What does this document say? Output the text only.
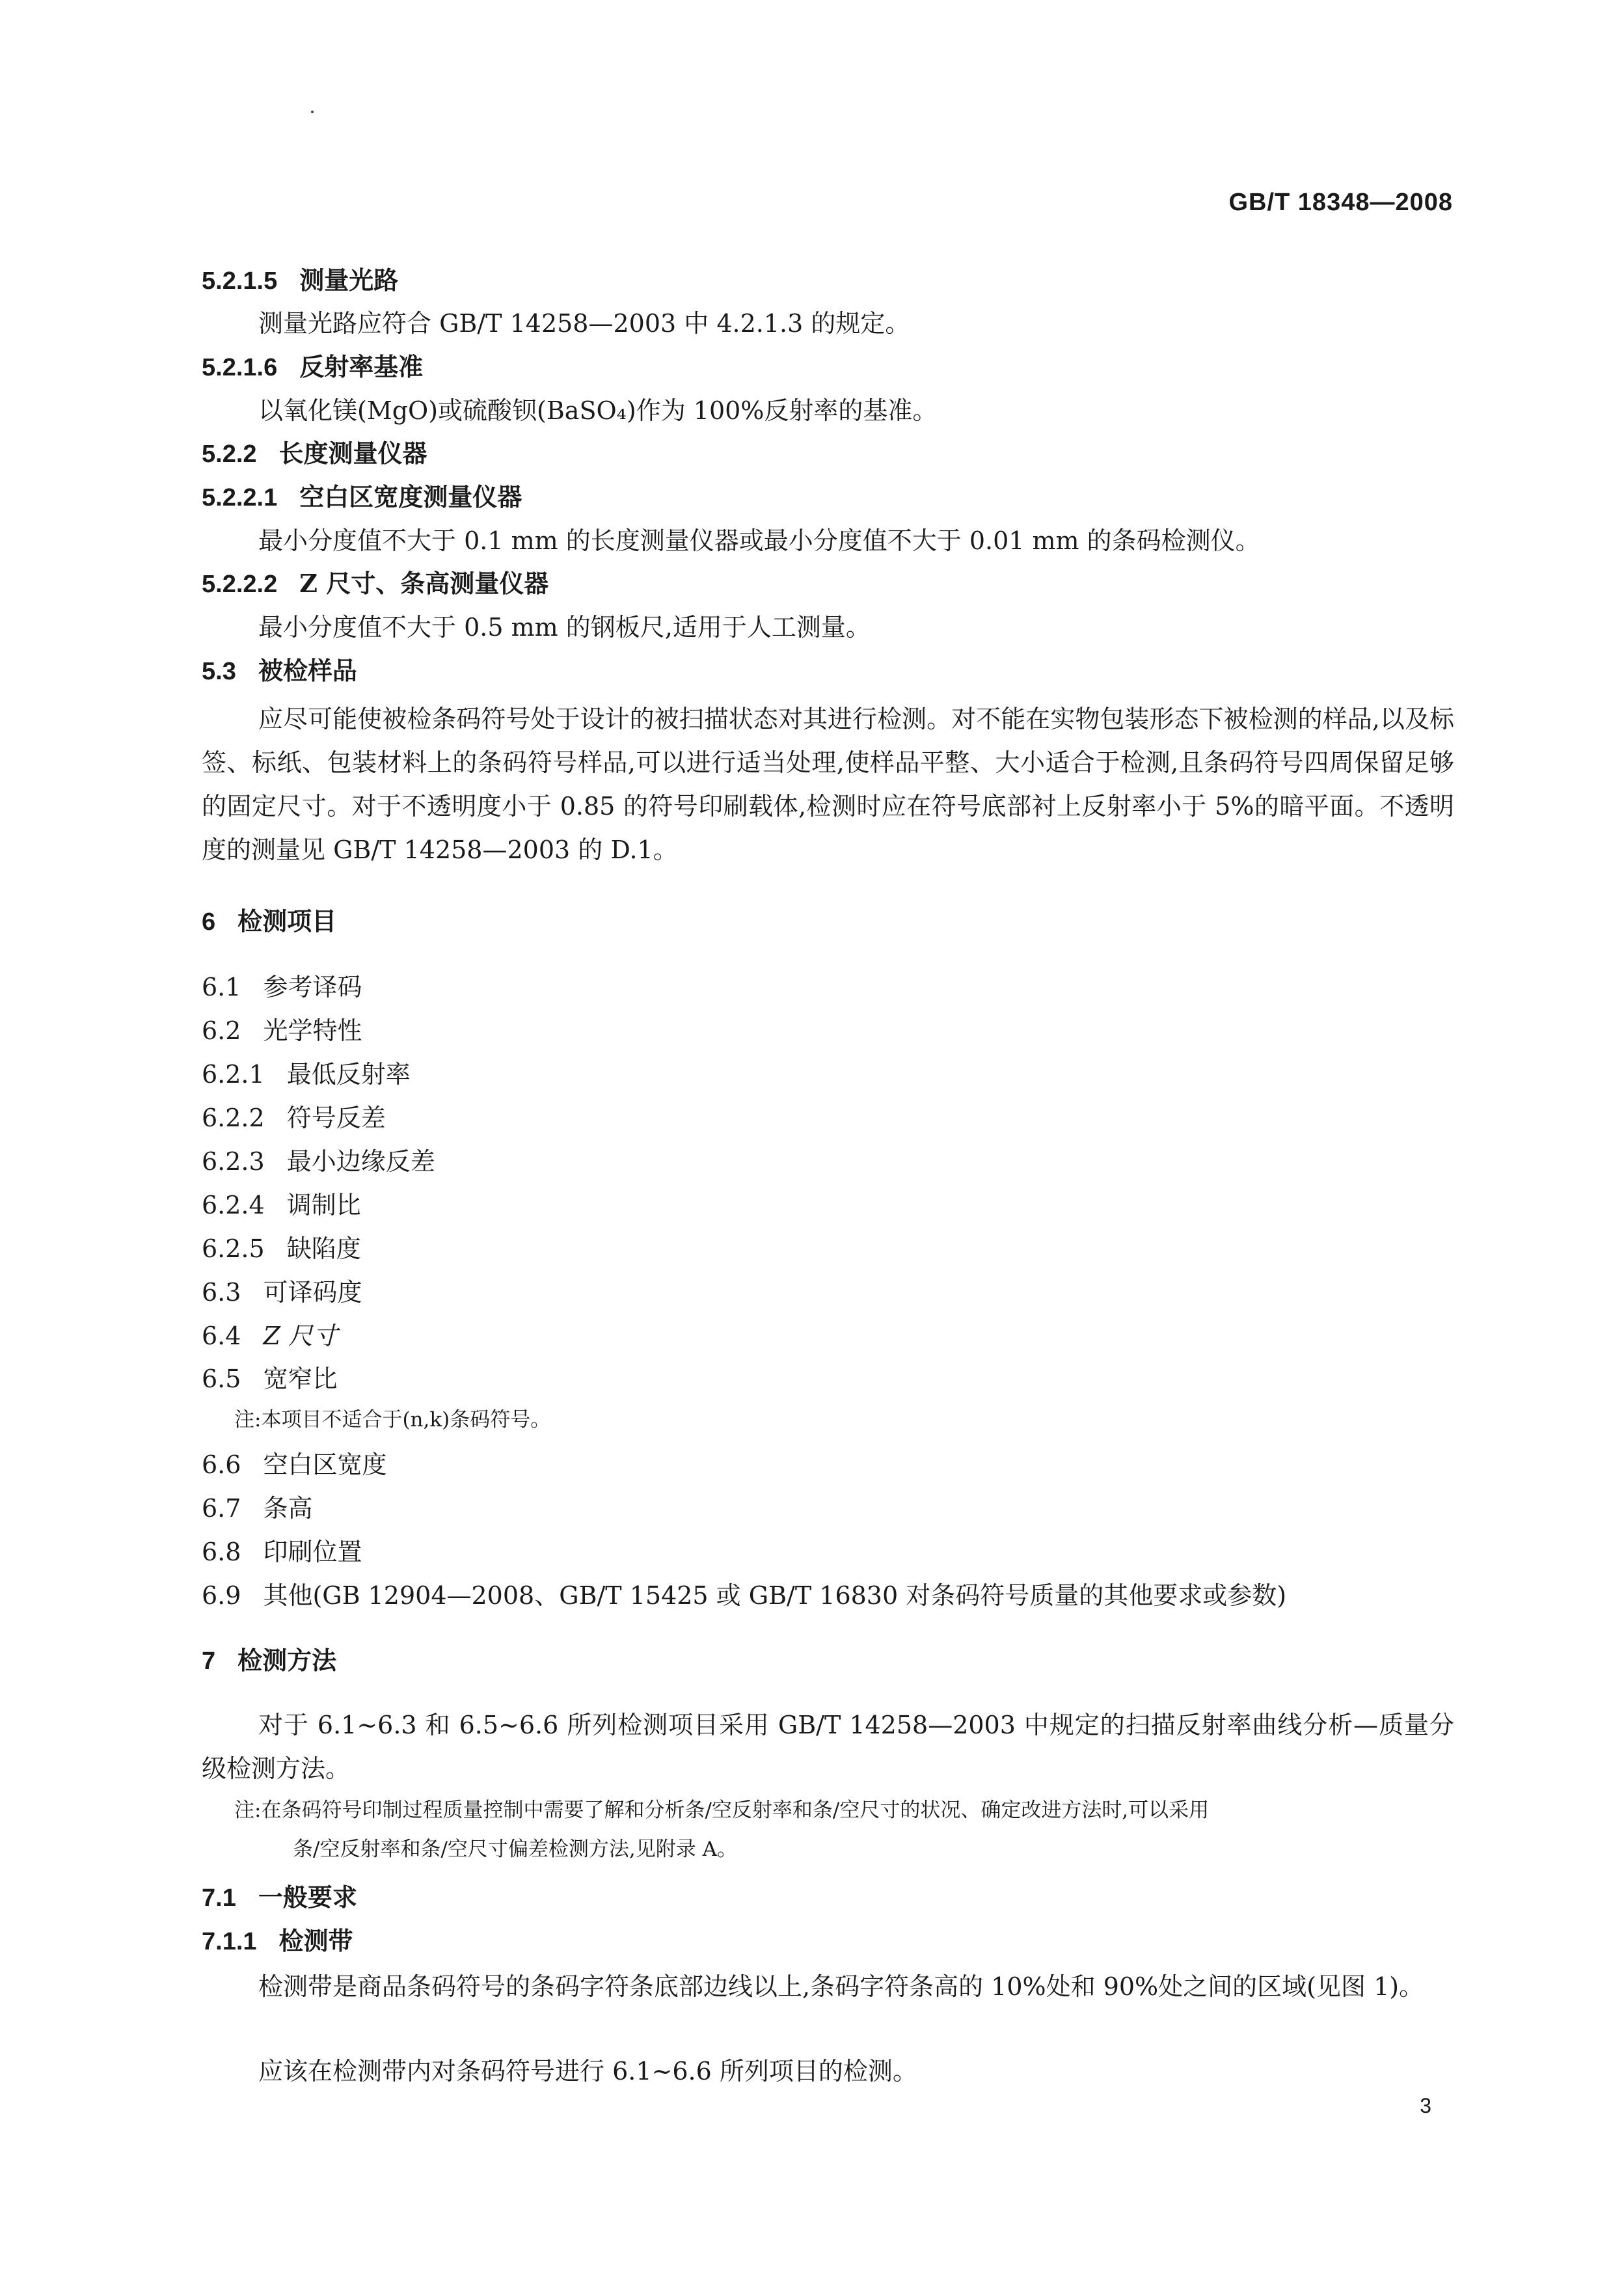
GB/T 18348—2008
5.2.1.5 测量光路
测量光路应符合 GB/T 14258—2003 中 4.2.1.3 的规定。
5.2.1.6 反射率基准
以氧化镁(MgO)或硫酸钡(BaSO₄)作为 100%反射率的基准。
5.2.2 长度测量仪器
5.2.2.1 空白区宽度测量仪器
最小分度值不大于 0.1 mm 的长度测量仪器或最小分度值不大于 0.01 mm 的条码检测仪。
5.2.2.2 Z 尺寸、条高测量仪器
最小分度值不大于 0.5 mm 的钢板尺,适用于人工测量。
5.3 被检样品
应尽可能使被检条码符号处于设计的被扫描状态对其进行检测。对不能在实物包装形态下被检测的样品,以及标签、标纸、包装材料上的条码符号样品,可以进行适当处理,使样品平整、大小适合于检测,且条码符号四周保留足够的固定尺寸。对于不透明度小于 0.85 的符号印刷载体,检测时应在符号底部衬上反射率小于 5%的暗平面。不透明度的测量见 GB/T 14258—2003 的 D.1。
6 检测项目
6.1 参考译码
6.2 光学特性
6.2.1 最低反射率
6.2.2 符号反差
6.2.3 最小边缘反差
6.2.4 调制比
6.2.5 缺陷度
6.3 可译码度
6.4 Z 尺寸
6.5 宽窄比
注:本项目不适合于(n,k)条码符号。
6.6 空白区宽度
6.7 条高
6.8 印刷位置
6.9 其他(GB 12904—2008、GB/T 15425 或 GB/T 16830 对条码符号质量的其他要求或参数)
7 检测方法
对于 6.1~6.3 和 6.5~6.6 所列检测项目采用 GB/T 14258—2003 中规定的扫描反射率曲线分析—质量分级检测方法。
注:在条码符号印制过程质量控制中需要了解和分析条/空反射率和条/空尺寸的状况、确定改进方法时,可以采用
条/空反射率和条/空尺寸偏差检测方法,见附录 A。
7.1 一般要求
7.1.1 检测带
检测带是商品条码符号的条码字符条底部边线以上,条码字符条高的 10%处和 90%处之间的区域(见图 1)。
应该在检测带内对条码符号进行 6.1~6.6 所列项目的检测。
3
